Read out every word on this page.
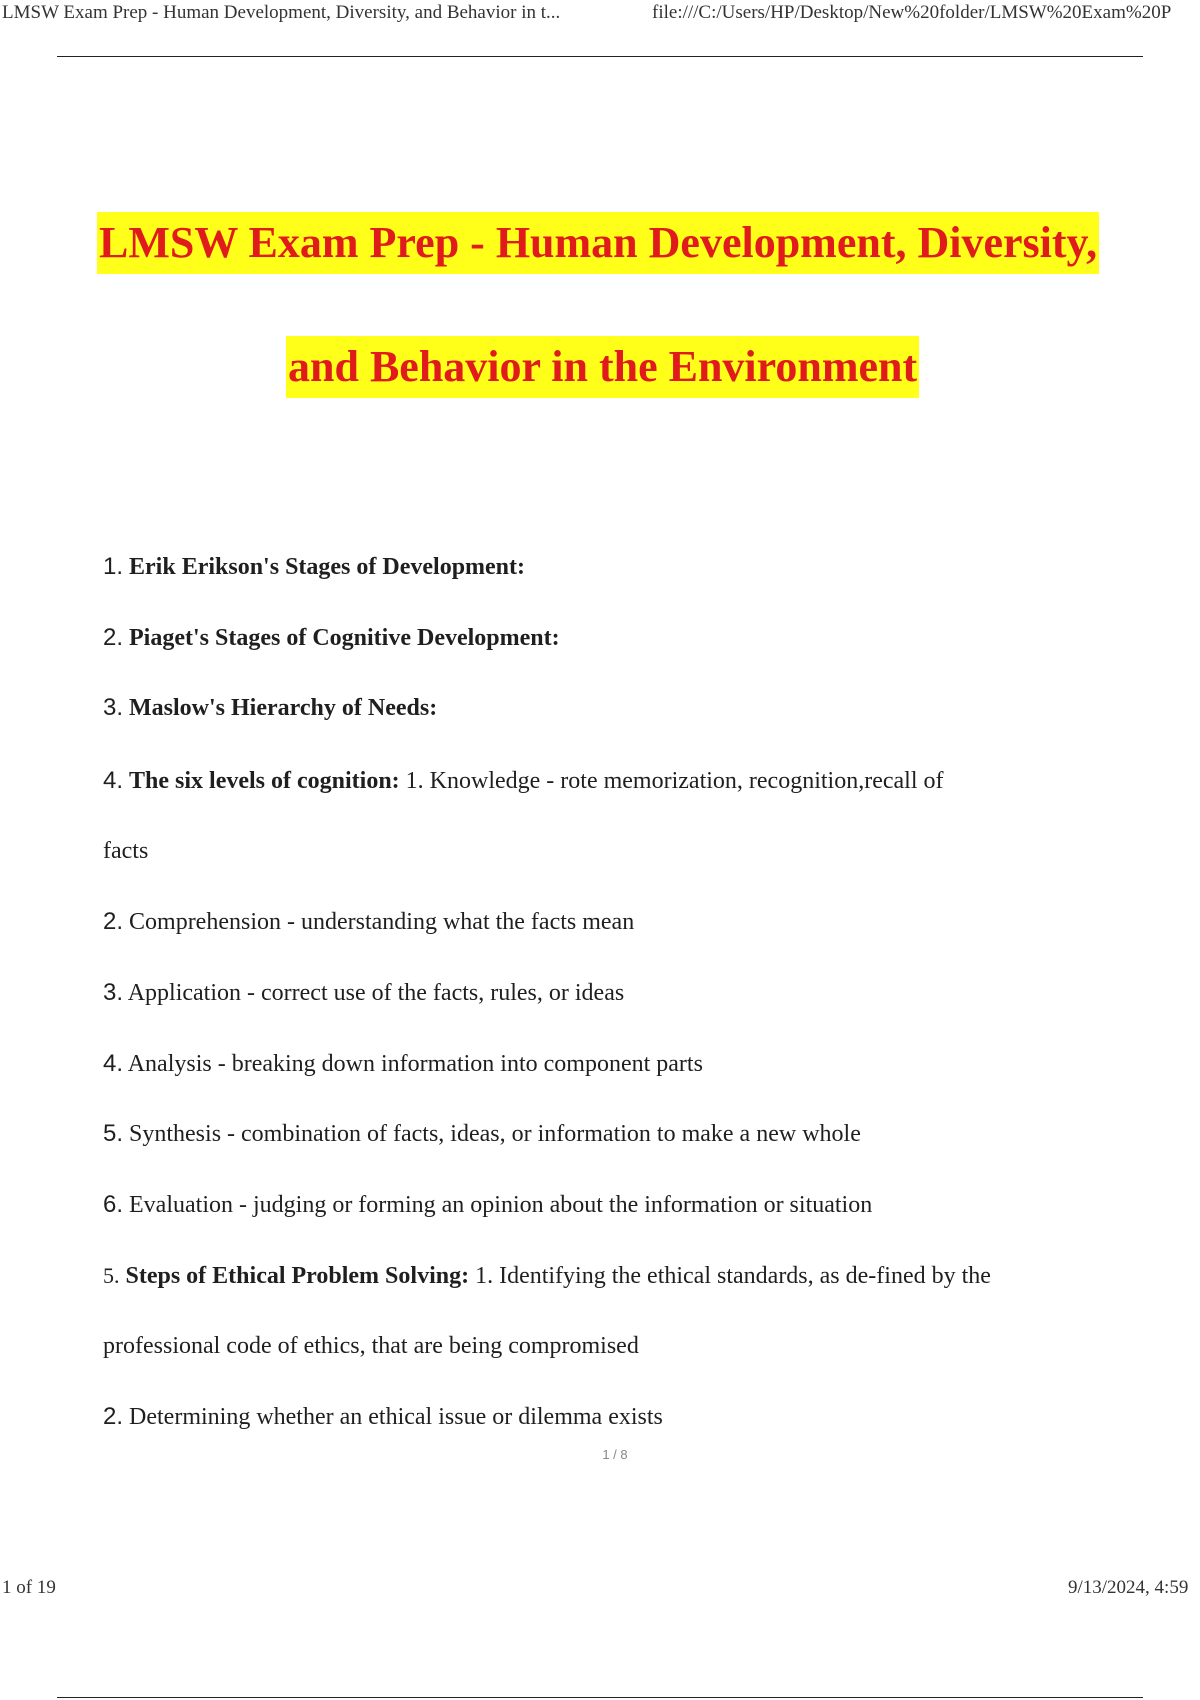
LMSW Exam Prep - Human Development, Diversity, and Behavior in t...	file:///C:/Users/HP/Desktop/New%20folder/LMSW%20Exam%20P
LMSW Exam Prep - Human Development, Diversity,
and Behavior in the Environment
1. Erik Erikson's Stages of Development:
2. Piaget's Stages of Cognitive Development:
3. Maslow's Hierarchy of Needs:
4. The six levels of cognition: 1. Knowledge - rote memorization, recognition,recall of
facts
2. Comprehension - understanding what the facts mean
3. Application - correct use of the facts, rules, or ideas
4. Analysis - breaking down information into component parts
5. Synthesis - combination of facts, ideas, or information to make a new whole
6. Evaluation - judging or forming an opinion about the information or situation
5. Steps of Ethical Problem Solving: 1. Identifying the ethical standards, as de-fined by the
professional code of ethics, that are being compromised
2. Determining whether an ethical issue or dilemma exists
1 / 8
1 of 19	9/13/2024, 4:59
